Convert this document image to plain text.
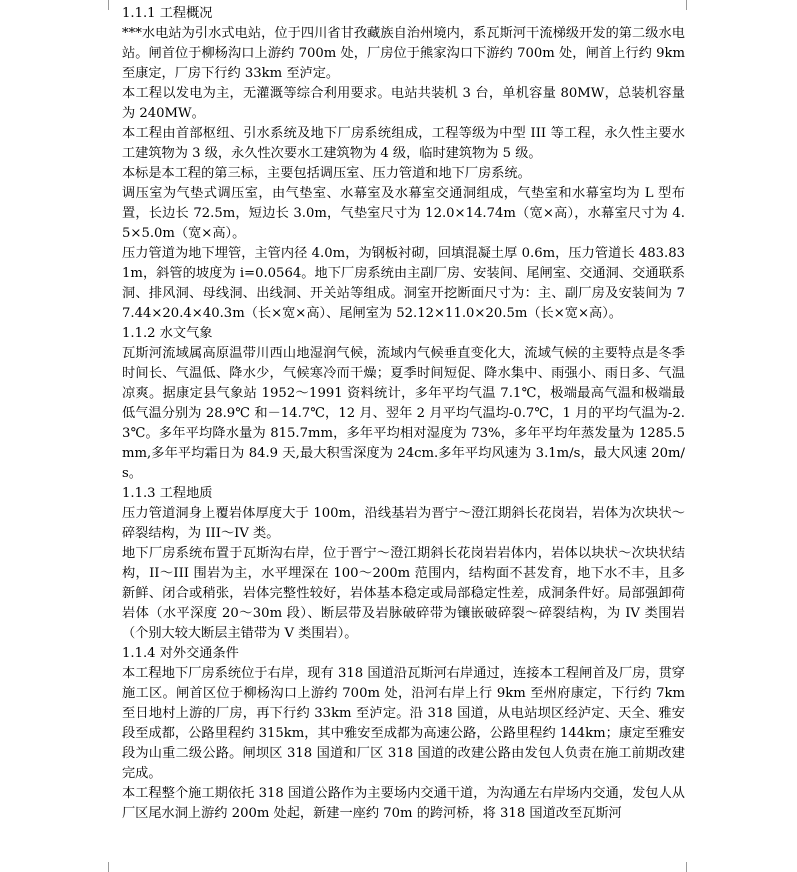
1.1.1 工程概况

***水电站为引水式电站，位于四川省甘孜藏族自治州境内，系瓦斯河干流梯级开发的第二级水电站。闸首位于柳杨沟口上游约 700m 处，厂房位于熊家沟口下游约 700m 处，闸首上行约 9km 至康定，厂房下行约 33km 至泸定。

本工程以发电为主，无灌溉等综合利用要求。电站共装机 3 台，单机容量 80MW，总装机容量为 240MW。

本工程由首部枢纽、引水系统及地下厂房系统组成，工程等级为中型 III 等工程，永久性主要水工建筑物为 3 级，永久性次要水工建筑物为 4 级，临时建筑物为 5 级。

本标是本工程的第三标，主要包括调压室、压力管道和地下厂房系统。

调压室为气垫式调压室，由气垫室、水幕室及水幕室交通洞组成，气垫室和水幕室均为 L 型布置，长边长 72.5m，短边长 3.0m，气垫室尺寸为 12.0×14.74m（宽×高），水幕室尺寸为 4.5×5.0m（宽×高）。

压力管道为地下埋管，主管内径 4.0m，为钢板衬砌，回填混凝土厚 0.6m，压力管道长 483.831m，斜管的坡度为 i=0.0564。地下厂房系统由主副厂房、安装间、尾闸室、交通洞、交通联系洞、排风洞、母线洞、出线洞、开关站等组成。洞室开挖断面尺寸为：主、副厂房及安装间为 77.44×20.4×40.3m（长×宽×高）、尾闸室为 52.12×11.0×20.5m（长×宽×高）。

1.1.2 水文气象

瓦斯河流域属高原温带川西山地湿润气候，流域内气候垂直变化大，流域气候的主要特点是冬季时间长、气温低、降水少，气候寒冷而干燥；夏季时间短促、降水集中、雨强小、雨日多、气温凉爽。据康定县气象站 1952～1991 资料统计，多年平均气温 7.1℃，极端最高气温和极端最低气温分别为 28.9℃ 和－14.7℃，12 月、翌年 2 月平均气温均-0.7℃，1 月的平均气温为-2.3℃。多年平均降水量为 815.7mm，多年平均相对湿度为 73%，多年平均年蒸发量为 1285.5mm,多年平均霜日为 84.9 天,最大积雪深度为 24cm.多年平均风速为 3.1m/s，最大风速 20m/s。

1.1.3 工程地质

压力管道洞身上覆岩体厚度大于 100m，沿线基岩为晋宁～澄江期斜长花岗岩，岩体为次块状～碎裂结构，为 III～IV 类。

地下厂房系统布置于瓦斯沟右岸，位于晋宁～澄江期斜长花岗岩岩体内，岩体以块状～次块状结构，II～III 围岩为主，水平埋深在 100～200m 范围内，结构面不甚发育，地下水不丰，且多新鲜、闭合或稍张，岩体完整性较好，岩体基本稳定或局部稳定性差，成洞条件好。局部强卸荷岩体（水平深度 20～30m 段）、断层带及岩脉破碎带为镶嵌破碎裂～碎裂结构，为 IV 类围岩（个别大较大断层主错带为 V 类围岩）。

1.1.4 对外交通条件

本工程地下厂房系统位于右岸，现有 318 国道沿瓦斯河右岸通过，连接本工程闸首及厂房，贯穿施工区。闸首区位于柳杨沟口上游约 700m 处，沿河右岸上行 9km 至州府康定，下行约 7km 至日地村上游的厂房，再下行约 33km 至泸定。沿 318 国道，从电站坝区经泸定、天全、雅安段至成都，公路里程约 315km，其中雅安至成都为高速公路，公路里程约 144km；康定至雅安段为山重二级公路。闸坝区 318 国道和厂区 318 国道的改建公路由发包人负责在施工前期改建完成。

本工程整个施工期依托 318 国道公路作为主要场内交通干道，为沟通左右岸场内交通，发包人从厂区尾水洞上游约 200m 处起，新建一座约 70m 的跨河桥，将 318 国道改至瓦斯河
